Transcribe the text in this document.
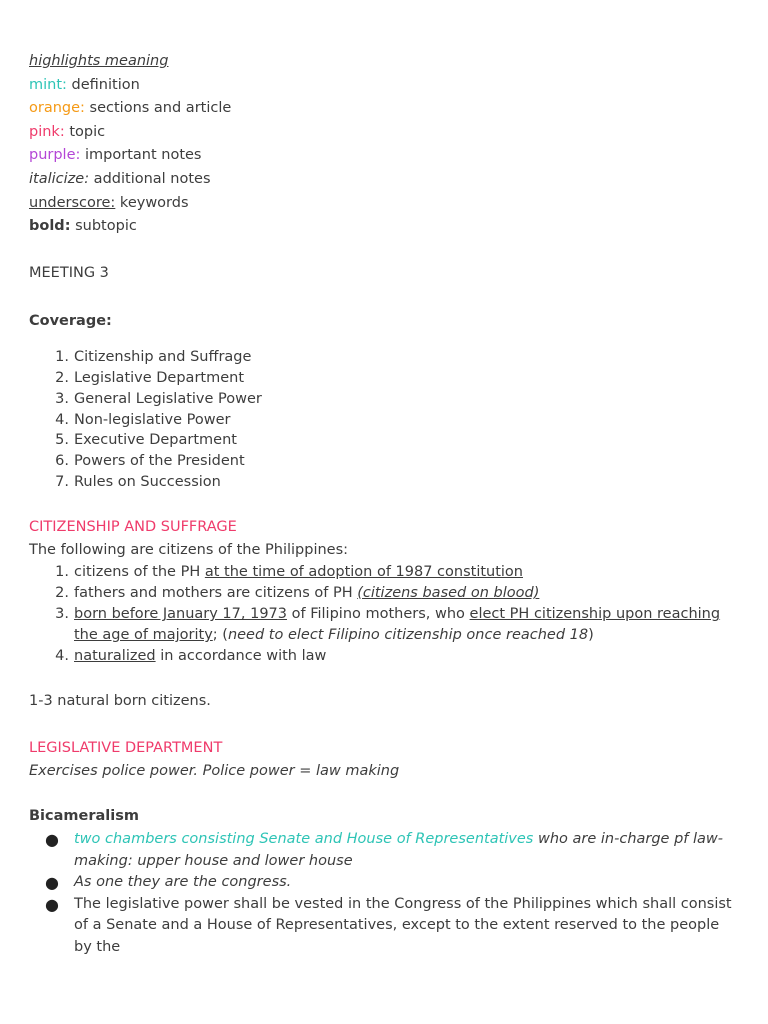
highlights meaning
mint: definition
orange: sections and article
pink: topic
purple: important notes
italicize: additional notes
underscore: keywords
bold: subtopic
MEETING 3
Coverage:
1. Citizenship and Suffrage
2. Legislative Department
3. General Legislative Power
4. Non-legislative Power
5. Executive Department
6. Powers of the President
7. Rules on Succession
CITIZENSHIP AND SUFFRAGE
The following are citizens of the Philippines:
1. citizens of the PH at the time of adoption of 1987 constitution
2. fathers and mothers are citizens of PH (citizens based on blood)
3. born before January 17, 1973 of Filipino mothers, who elect PH citizenship upon reaching the age of majority; (need to elect Filipino citizenship once reached 18)
4. naturalized in accordance with law
1-3 natural born citizens.
LEGISLATIVE DEPARTMENT
Exercises police power. Police power = law making
Bicameralism
● two chambers consisting Senate and House of Representatives who are in-charge pf law-making: upper house and lower house
● As one they are the congress.
● The legislative power shall be vested in the Congress of the Philippines which shall consist of a Senate and a House of Representatives, except to the extent reserved to the people by the
